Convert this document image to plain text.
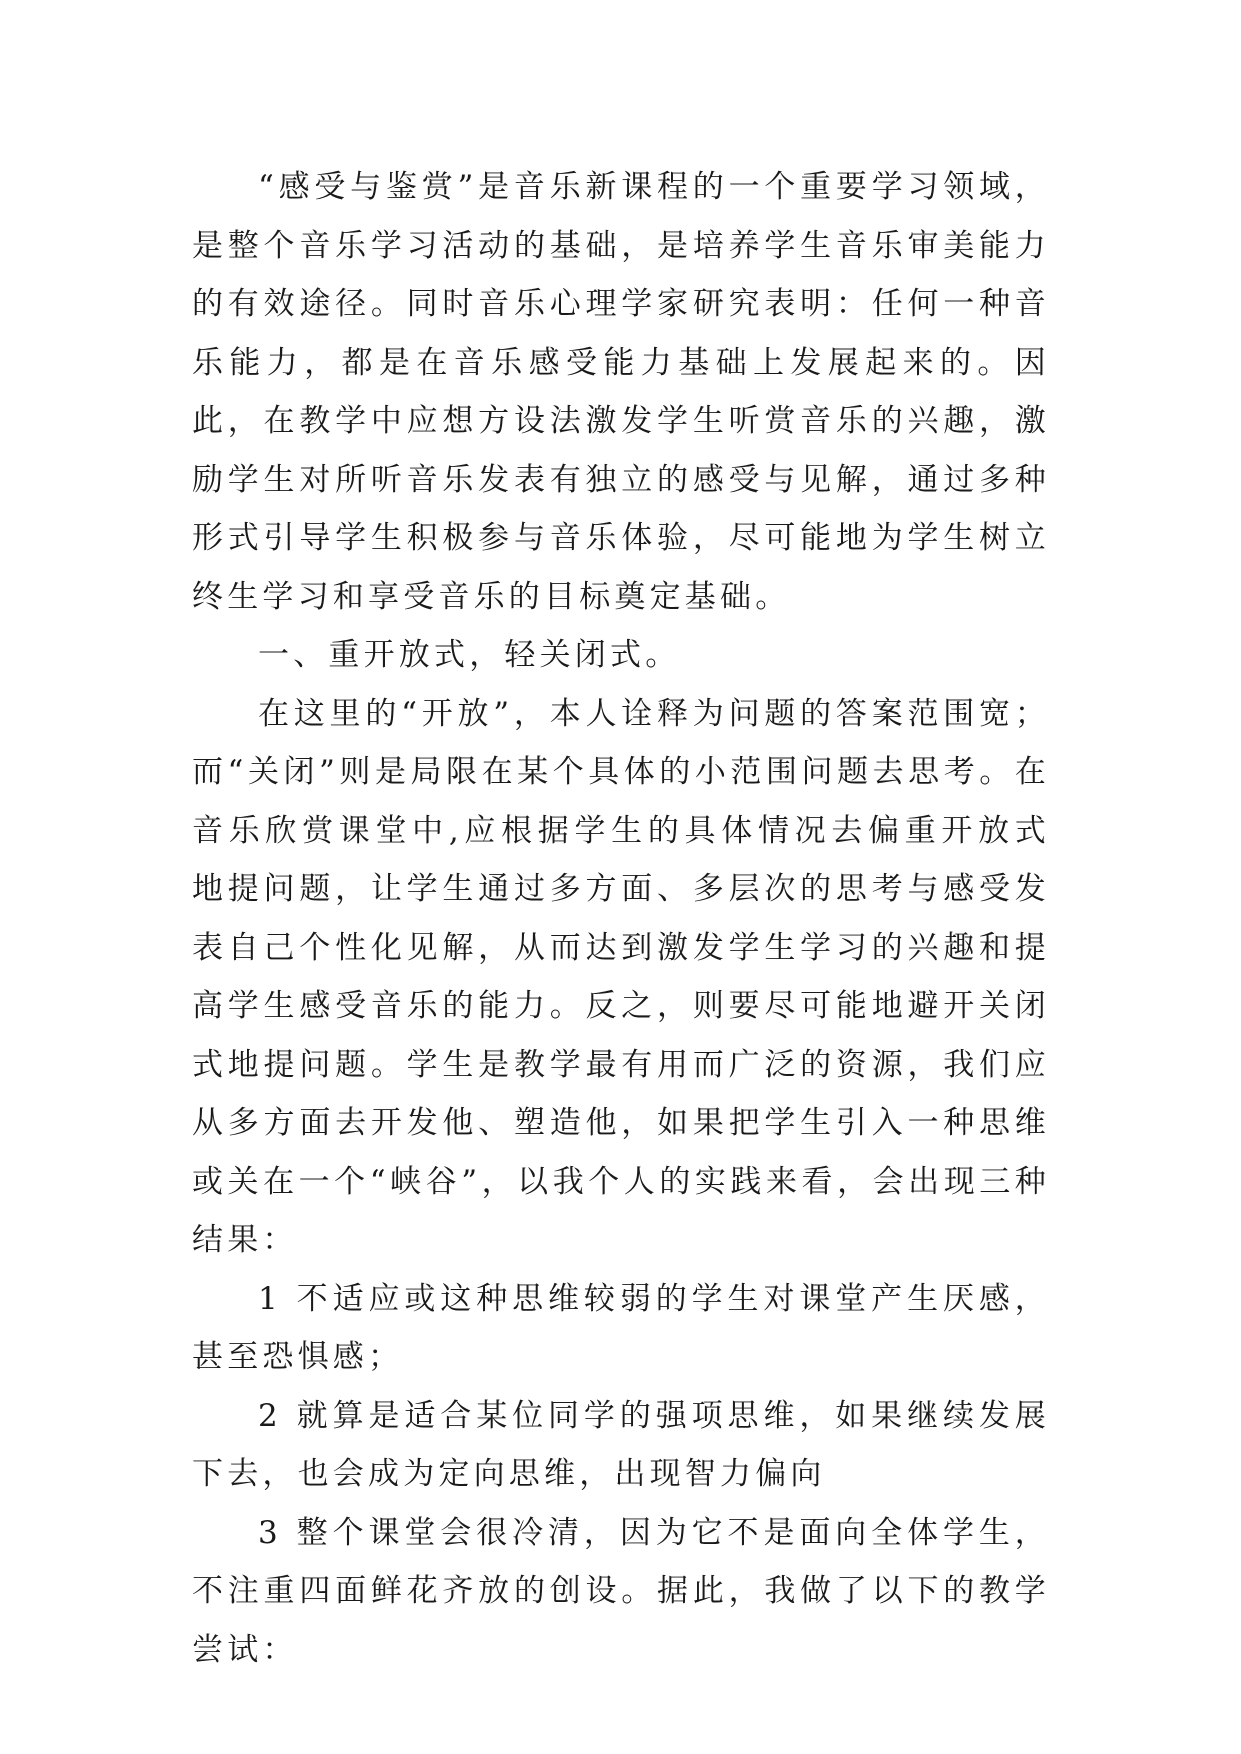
“感受与鉴赏”是音乐新课程的一个重要学习领域，是整个音乐学习活动的基础，是培养学生音乐审美能力的有效途径。同时音乐心理学家研究表明：任何一种音乐能力，都是在音乐感受能力基础上发展起来的。因此，在教学中应想方设法激发学生听赏音乐的兴趣，激励学生对所听音乐发表有独立的感受与见解，通过多种形式引导学生积极参与音乐体验，尽可能地为学生树立终生学习和享受音乐的目标奠定基础。

一、重开放式，轻关闭式。

在这里的“开放”，本人诠释为问题的答案范围宽；而“关闭”则是局限在某个具体的小范围问题去思考。在音乐欣赏课堂中,应根据学生的具体情况去偏重开放式地提问题，让学生通过多方面、多层次的思考与感受发表自己个性化见解，从而达到激发学生学习的兴趣和提高学生感受音乐的能力。反之，则要尽可能地避开关闭式地提问题。学生是教学最有用而广泛的资源，我们应从多方面去开发他、塑造他，如果把学生引入一种思维或关在一个“峡谷”，以我个人的实践来看，会出现三种结果：

1 不适应或这种思维较弱的学生对课堂产生厌感，甚至恐惧感；

2 就算是适合某位同学的强项思维，如果继续发展下去，也会成为定向思维，出现智力偏向

3 整个课堂会很冷清，因为它不是面向全体学生，不注重四面鲜花齐放的创设。据此，我做了以下的教学尝试：
